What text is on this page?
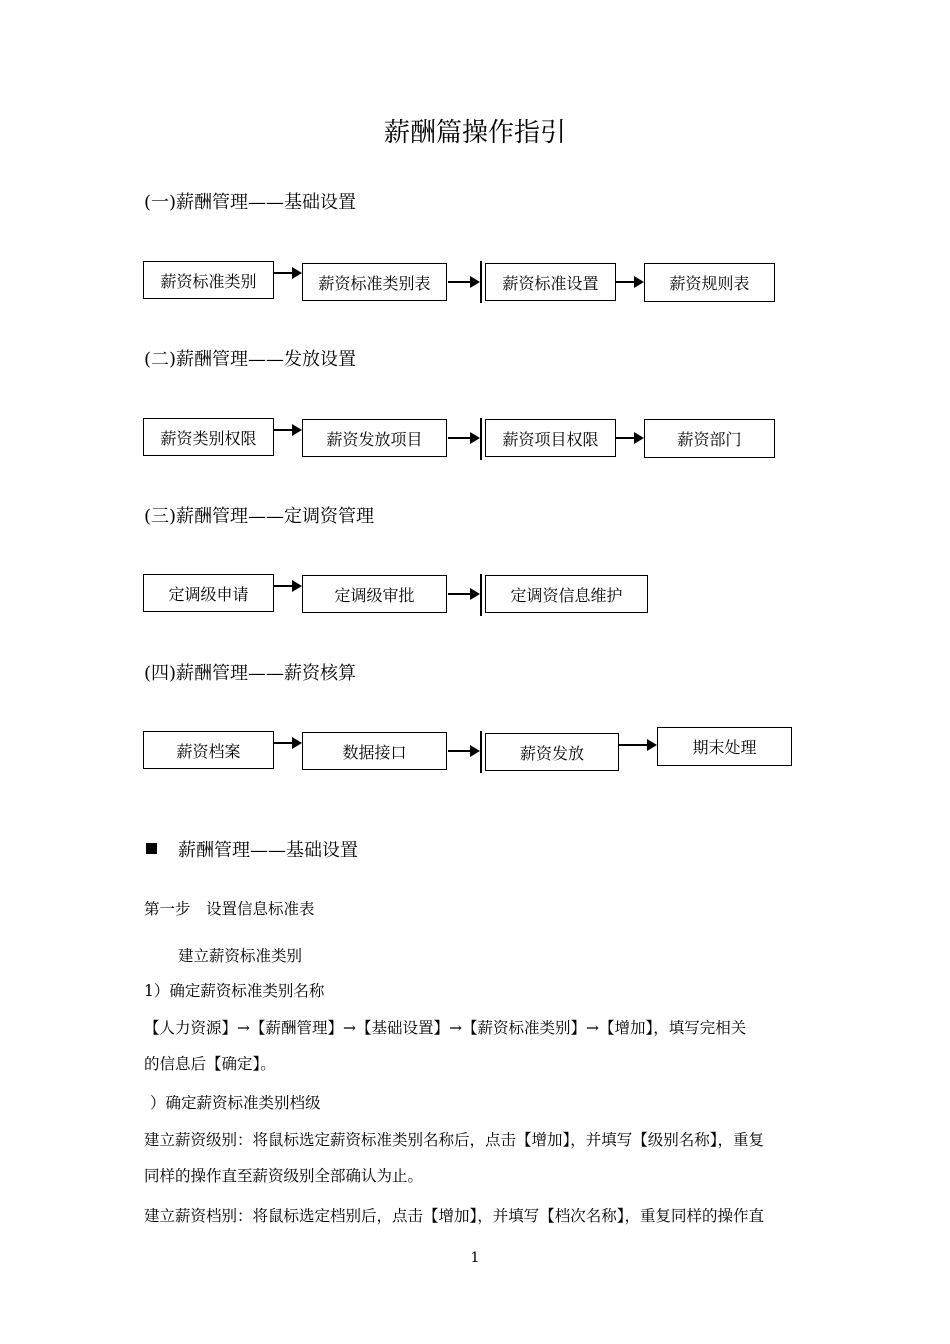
薪酬篇操作指引
(一)薪酬管理——基础设置
薪资标准类别	薪资标准类别表	薪资标准设置	薪资规则表
(二)薪酬管理——发放设置
薪资类别权限	薪资发放项目	薪资项目权限	薪资部门
(三)薪酬管理——定调资管理
定调级申请	定调级审批	定调资信息维护
(四)薪酬管理——薪资核算
薪资档案	数据接口	薪资发放	期末处理
薪酬管理——基础设置
第一步　设置信息标准表
建立薪资标准类别
1）确定薪资标准类别名称
【人力资源】→【薪酬管理】→【基础设置】→【薪资标准类别】→【增加】，填写完相关
的信息后【确定】。
）确定薪资标准类别档级
建立薪资级别：将鼠标选定薪资标准类别名称后，点击【增加】，并填写【级别名称】，重复
同样的操作直至薪资级别全部确认为止。
建立薪资档别：将鼠标选定档别后，点击【增加】，并填写【档次名称】，重复同样的操作直
1
